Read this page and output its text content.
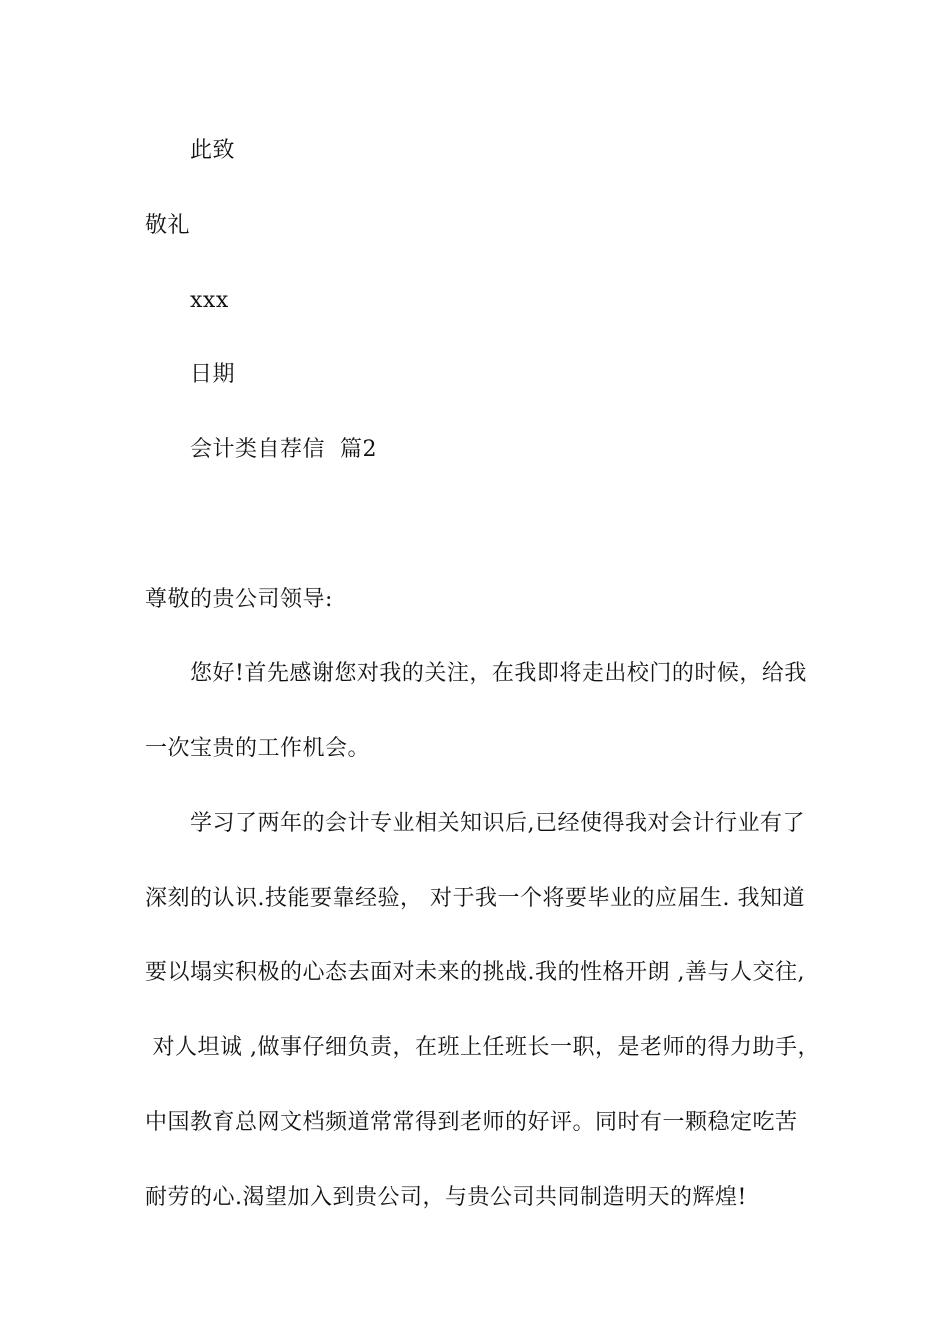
此致
敬礼
xxx
日期
会计类自荐信  篇2
尊敬的贵公司领导:
您好!首先感谢您对我的关注，在我即将走出校门的时候，给我
一次宝贵的工作机会。
学习了两年的会计专业相关知识后,已经使得我对会计行业有了
深刻的认识.技能要靠经验， 对于我一个将要毕业的应届生. 我知道
要以塌实积极的心态去面对未来的挑战.我的性格开朗 ,善与人交往,
对人坦诚 ,做事仔细负责，在班上任班长一职，是老师的得力助手，
中国教育总网文档频道常常得到老师的好评。同时有一颗稳定吃苦
耐劳的心.渴望加入到贵公司，与贵公司共同制造明天的辉煌!
